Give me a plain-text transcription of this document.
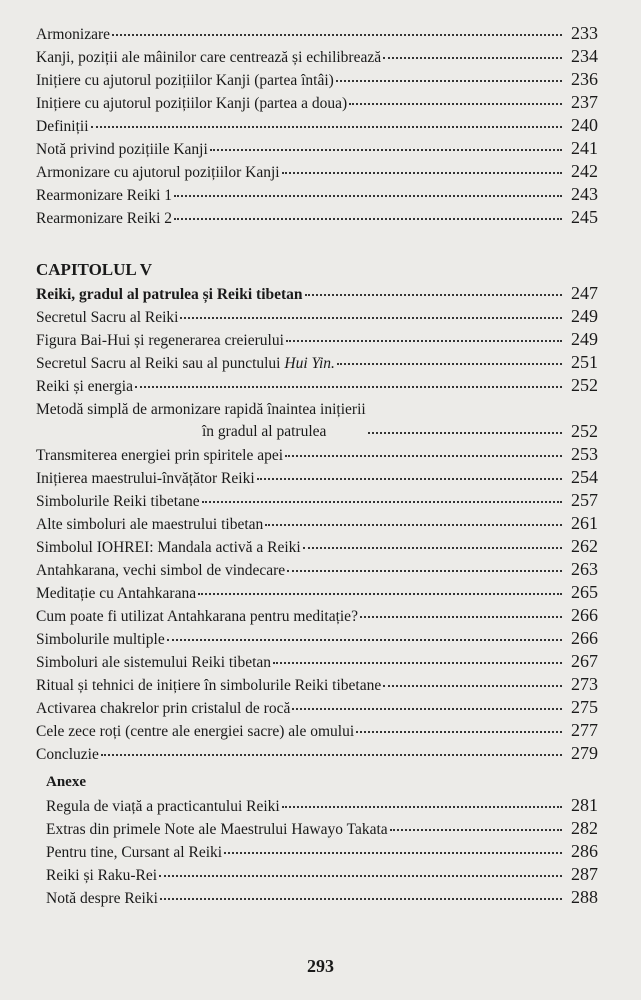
Armonizare	233
Kanji, poziții ale mâinilor care centrează și echilibrează	234
Inițiere cu ajutorul pozițiilor Kanji (partea întâi)	236
Inițiere cu ajutorul pozițiilor Kanji (partea a doua)	237
Definiții	240
Notă privind pozițiile Kanji	241
Armonizare cu ajutorul pozițiilor Kanji	242
Rearmonizare Reiki 1	243
Rearmonizare Reiki 2	245
CAPITOLUL V
Reiki, gradul al patrulea și Reiki tibetan	247
Secretul Sacru al Reiki	249
Figura Bai-Hui și regenerarea creierului	249
Secretul Sacru al Reiki sau al punctului Hui Yin.	251
Reiki și energia	252
Metodă simplă de armonizare rapidă înaintea inițierii
în gradul al patrulea	252
Transmiterea energiei prin spiritele apei	253
Inițierea maestrului-învățător Reiki	254
Simbolurile Reiki tibetane	257
Alte simboluri ale maestrului tibetan	261
Simbolul IOHREI: Mandala activă a Reiki	262
Antahkarana, vechi simbol de vindecare	263
Meditație cu Antahkarana	265
Cum poate fi utilizat Antahkarana pentru meditație?	266
Simbolurile multiple	266
Simboluri ale sistemului Reiki tibetan	267
Ritual și tehnici de inițiere în simbolurile Reiki tibetane	273
Activarea chakrelor prin cristalul de rocă	275
Cele zece roți (centre ale energiei sacre) ale omului	277
Concluzie	279
Anexe
Regula de viață a practicantului Reiki	281
Extras din primele Note ale Maestrului Hawayo Takata	282
Pentru tine, Cursant al Reiki	286
Reiki și Raku-Rei	287
Notă despre Reiki	288
293
